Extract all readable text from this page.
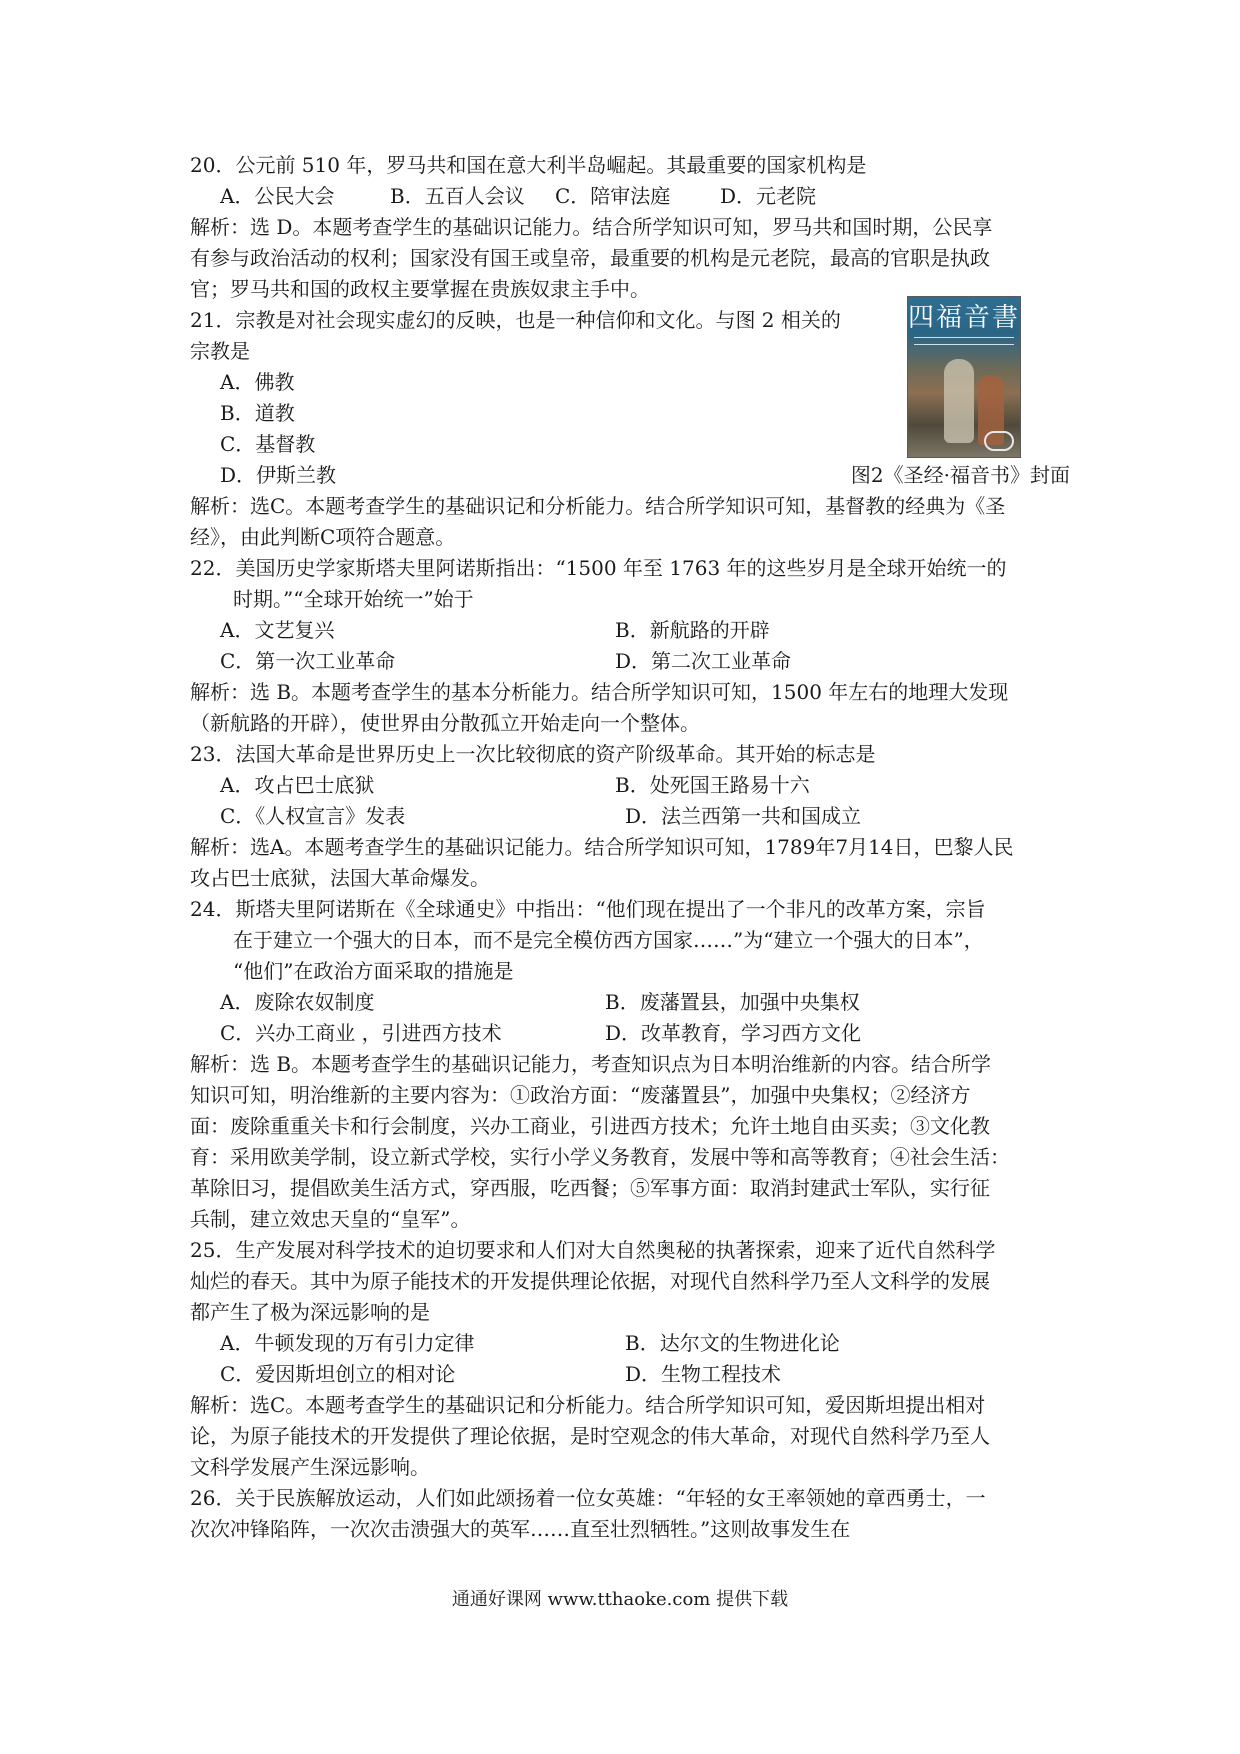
20．公元前 510 年，罗马共和国在意大利半岛崛起。其最重要的国家机构是
A．公民大会	B．五百人会议 C．陪审法庭 D．元老院
解析：选 D。本题考查学生的基础识记能力。结合所学知识可知，罗马共和国时期，公民享
有参与政治活动的权利；国家没有国王或皇帝，最重要的机构是元老院，最高的官职是执政
官；罗马共和国的政权主要掌握在贵族奴隶主手中。
21．宗教是对社会现实虚幻的反映，也是一种信仰和文化。与图 2 相关的
宗教是
A．佛教
B．道教
C．基督教
D．伊斯兰教	图2《圣经·福音书》封面
解析：选C。本题考查学生的基础识记和分析能力。结合所学知识可知，基督教的经典为《圣
经》，由此判断C项符合题意。
22．美国历史学家斯塔夫里阿诺斯指出：“1500 年至 1763 年的这些岁月是全球开始统一的
时期。”“全球开始统一”始于
A．文艺复兴	B．新航路的开辟
C．第一次工业革命	D．第二次工业革命
解析：选 B。本题考查学生的基本分析能力。结合所学知识可知，1500 年左右的地理大发现
（新航路的开辟），使世界由分散孤立开始走向一个整体。
23．法国大革命是世界历史上一次比较彻底的资产阶级革命。其开始的标志是
A．攻占巴士底狱	B．处死国王路易十六
C．《人权宣言》发表	D．法兰西第一共和国成立
解析：选A。本题考查学生的基础识记能力。结合所学知识可知，1789年7月14日，巴黎人民
攻占巴士底狱，法国大革命爆发。
24．斯塔夫里阿诺斯在《全球通史》中指出：“他们现在提出了一个非凡的改革方案，宗旨
在于建立一个强大的日本，而不是完全模仿西方国家……”为“建立一个强大的日本”，
“他们”在政治方面采取的措施是
A．废除农奴制度	B．废藩置县，加强中央集权
C．兴办工商业 ，引进西方技术	D．改革教育，学习西方文化
解析：选 B。本题考查学生的基础识记能力，考查知识点为日本明治维新的内容。结合所学
知识可知，明治维新的主要内容为：①政治方面：“废藩置县”，加强中央集权；②经济方
面：废除重重关卡和行会制度，兴办工商业，引进西方技术；允许土地自由买卖；③文化教
育：采用欧美学制，设立新式学校，实行小学义务教育，发展中等和高等教育；④社会生活：
革除旧习，提倡欧美生活方式，穿西服，吃西餐；⑤军事方面：取消封建武士军队，实行征
兵制，建立效忠天皇的“皇军”。
25．生产发展对科学技术的迫切要求和人们对大自然奥秘的执著探索，迎来了近代自然科学
灿烂的春天。其中为原子能技术的开发提供理论依据，对现代自然科学乃至人文科学的发展
都产生了极为深远影响的是
A．牛顿发现的万有引力定律	B．达尔文的生物进化论
C．爱因斯坦创立的相对论	D．生物工程技术
解析：选C。本题考查学生的基础识记和分析能力。结合所学知识可知，爱因斯坦提出相对
论，为原子能技术的开发提供了理论依据，是时空观念的伟大革命，对现代自然科学乃至人
文科学发展产生深远影响。
26．关于民族解放运动，人们如此颂扬着一位女英雄：“年轻的女王率领她的章西勇士，一
次次冲锋陷阵，一次次击溃强大的英军……直至壮烈牺牲。”这则故事发生在
四福音書
通通好课网 www.tthaoke.com 提供下载
